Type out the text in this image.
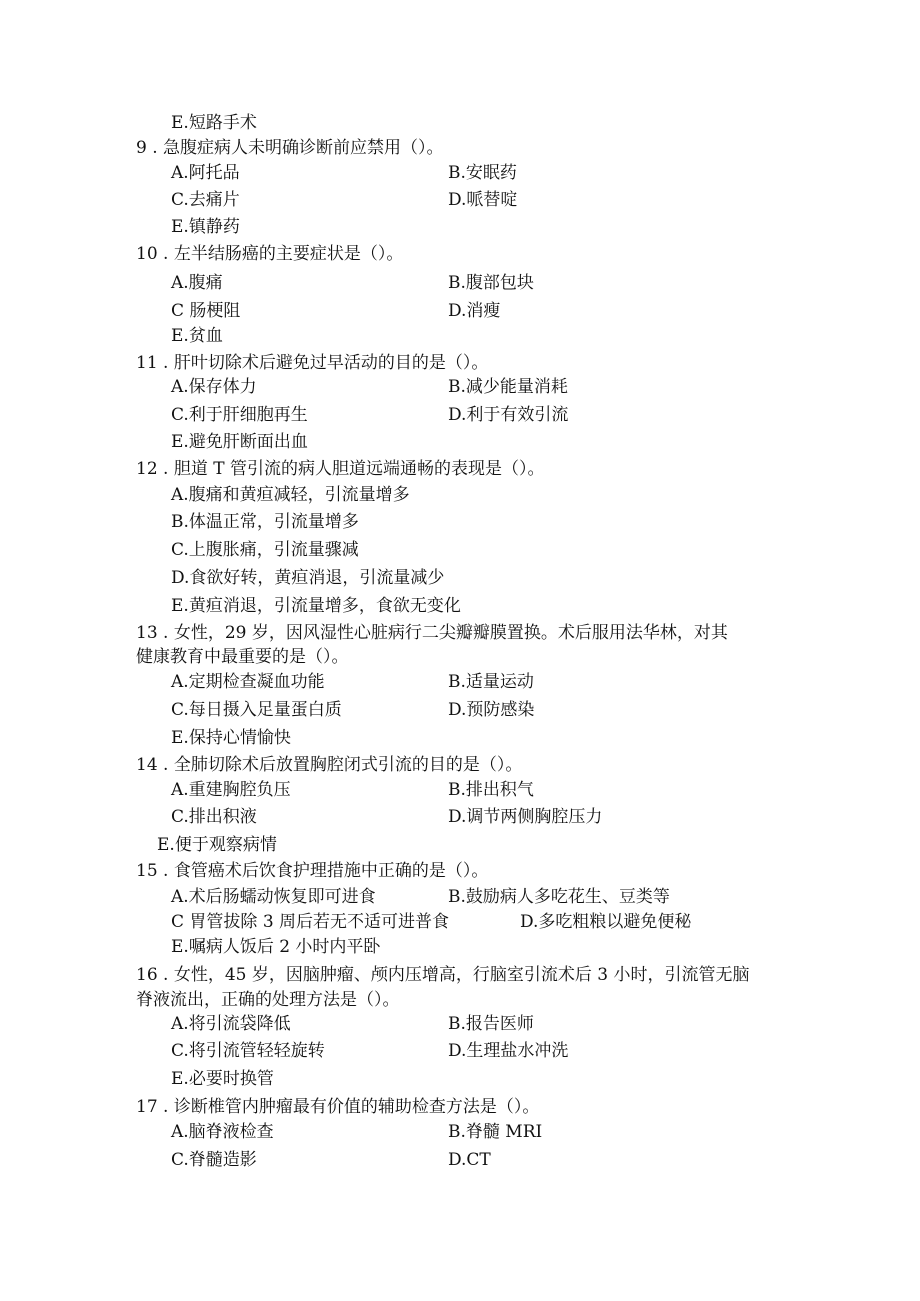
E.短路手术
9 . 急腹症病人未明确诊断前应禁用（）。
A.阿托品	B.安眠药
C.去痛片	D.哌替啶
E.镇静药
10 . 左半结肠癌的主要症状是（）。
A.腹痛	B.腹部包块
C 肠梗阻	D.消瘦
E.贫血
11 . 肝叶切除术后避免过早活动的目的是（）。
A.保存体力	B.减少能量消耗
C.利于肝细胞再生	D.利于有效引流
E.避免肝断面出血
12 . 胆道 T 管引流的病人胆道远端通畅的表现是（）。
A.腹痛和黄疸减轻，引流量增多
B.体温正常，引流量增多
C.上腹胀痛，引流量骤减
D.食欲好转，黄疸消退，引流量减少
E.黄疸消退，引流量增多，食欲无变化
13 . 女性，29 岁，因风湿性心脏病行二尖瓣瓣膜置换。术后服用法华林，对其
健康教育中最重要的是（）。
A.定期检查凝血功能	B.适量运动
C.每日摄入足量蛋白质	D.预防感染
E.保持心情愉快
14 . 全肺切除术后放置胸腔闭式引流的目的是（）。
A.重建胸腔负压	B.排出积气
C.排出积液	D.调节两侧胸腔压力
E.便于观察病情
15 . 食管癌术后饮食护理措施中正确的是（）。
A.术后肠蠕动恢复即可进食	B.鼓励病人多吃花生、豆类等
C 胃管拔除 3 周后若无不适可进普食	D.多吃粗粮以避免便秘
E.嘱病人饭后 2 小时内平卧
16 . 女性，45 岁，因脑肿瘤、颅内压增高，行脑室引流术后 3 小时，引流管无脑
脊液流出，正确的处理方法是（）。
A.将引流袋降低	B.报告医师
C.将引流管轻轻旋转	D.生理盐水冲洗
E.必要时换管
17 . 诊断椎管内肿瘤最有价值的辅助检查方法是（）。
A.脑脊液检查	B.脊髓 MRI
C.脊髓造影	D.CT
